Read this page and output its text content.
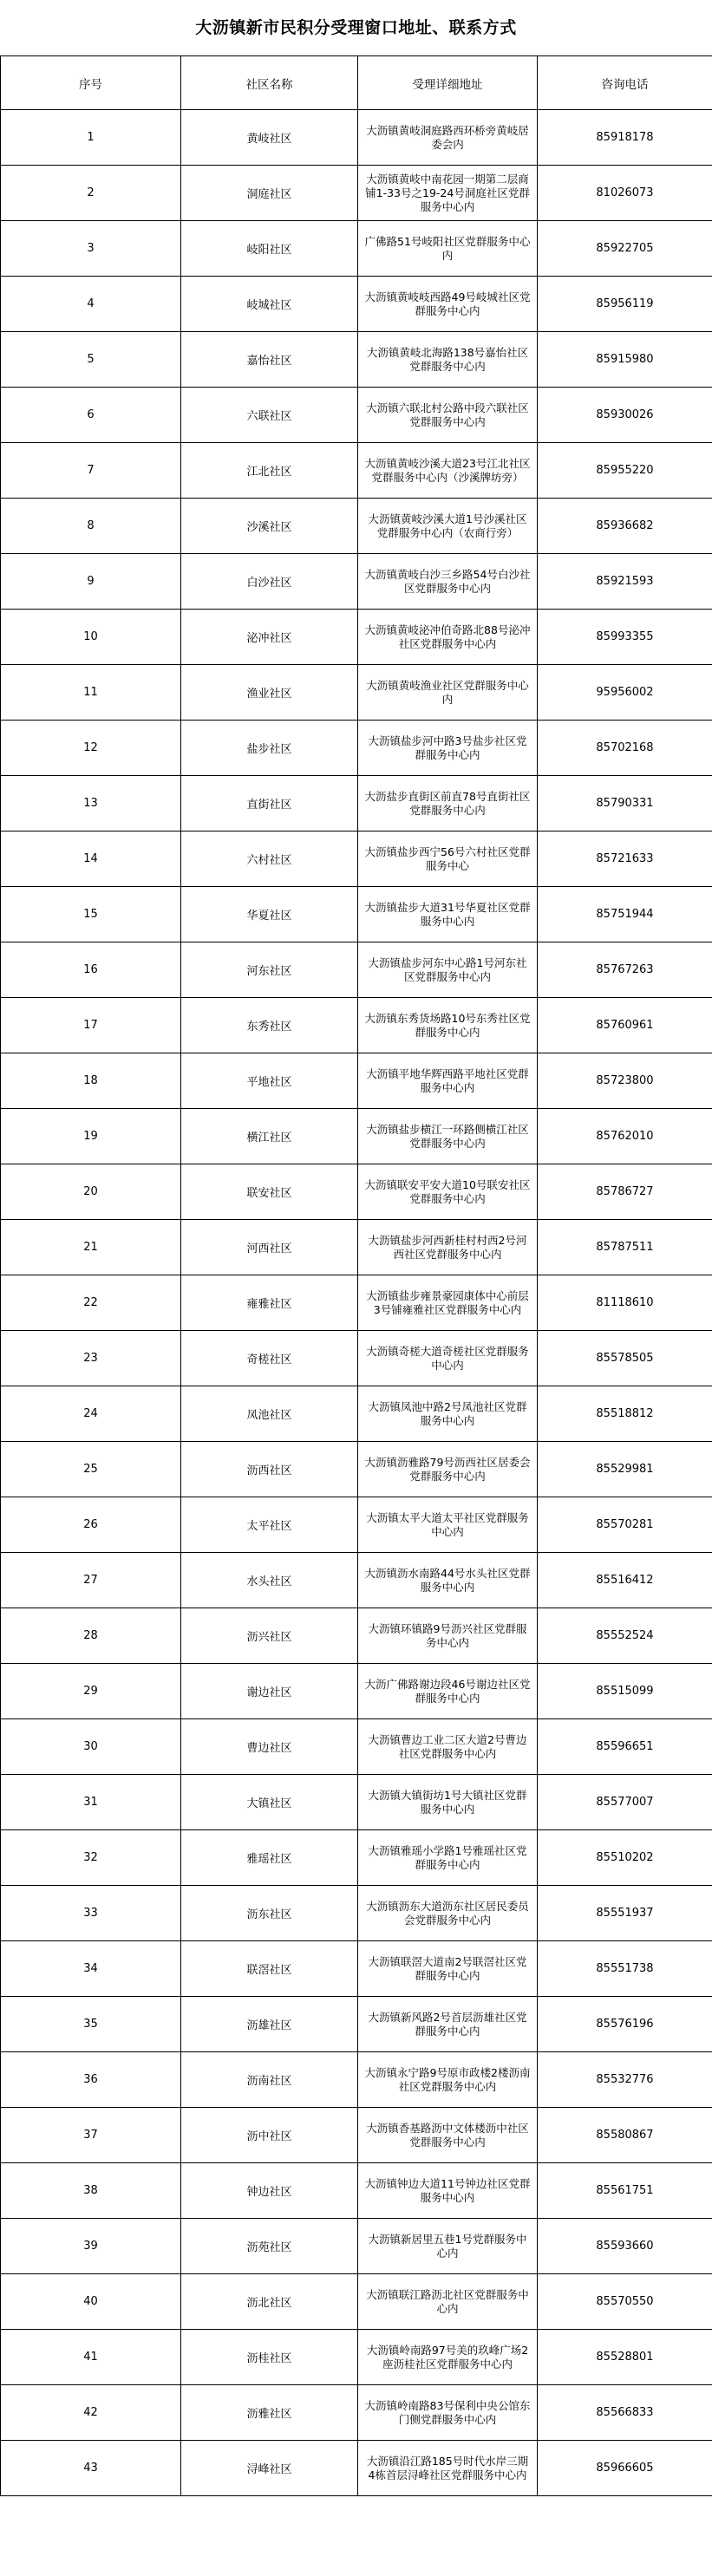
大沥镇新市民积分受理窗口地址、联系方式
序号	社区名称	受理详细地址	咨询电话
1	黄岐社区	大沥镇黄岐洞庭路西环桥旁黄岐居委会内	85918178
2	洞庭社区	大沥镇黄岐中南花园一期第二层商铺1-33号之19-24号洞庭社区党群服务中心内	81026073
3	岐阳社区	广佛路51号岐阳社区党群服务中心内	85922705
4	岐城社区	大沥镇黄岐岐西路49号岐城社区党群服务中心内	85956119
5	嘉怡社区	大沥镇黄岐北海路138号嘉怡社区党群服务中心内	85915980
6	六联社区	大沥镇六联北村公路中段六联社区党群服务中心内	85930026
7	江北社区	大沥镇黄岐沙溪大道23号江北社区党群服务中心内（沙溪牌坊旁）	85955220
8	沙溪社区	大沥镇黄岐沙溪大道1号沙溪社区党群服务中心内（农商行旁）	85936682
9	白沙社区	大沥镇黄岐白沙三乡路54号白沙社区党群服务中心内	85921593
10	泌冲社区	大沥镇黄岐泌冲伯奇路北88号泌冲社区党群服务中心内	85993355
11	渔业社区	大沥镇黄岐渔业社区党群服务中心内	95956002
12	盐步社区	大沥镇盐步河中路3号盐步社区党群服务中心内	85702168
13	直街社区	大沥盐步直街区前直78号直街社区党群服务中心内	85790331
14	六村社区	大沥镇盐步西宁56号六村社区党群服务中心	85721633
15	华夏社区	大沥镇盐步大道31号华夏社区党群服务中心内	85751944
16	河东社区	大沥镇盐步河东中心路1号河东社区党群服务中心内	85767263
17	东秀社区	大沥镇东秀货场路10号东秀社区党群服务中心内	85760961
18	平地社区	大沥镇平地华辉西路平地社区党群服务中心内	85723800
19	横江社区	大沥镇盐步横江一环路侧横江社区党群服务中心内	85762010
20	联安社区	大沥镇联安平安大道10号联安社区党群服务中心内	85786727
21	河西社区	大沥镇盐步河西新桂村村西2号河西社区党群服务中心内	85787511
22	雍雅社区	大沥镇盐步雍景豪园康体中心前层3号铺雍雅社区党群服务中心内	81118610
23	奇槎社区	大沥镇奇槎大道奇槎社区党群服务中心内	85578505
24	凤池社区	大沥镇凤池中路2号凤池社区党群服务中心内	85518812
25	沥西社区	大沥镇沥雅路79号沥西社区居委会党群服务中心内	85529981
26	太平社区	大沥镇太平大道太平社区党群服务中心内	85570281
27	水头社区	大沥镇沥水南路44号水头社区党群服务中心内	85516412
28	沥兴社区	大沥镇环镇路9号沥兴社区党群服务中心内	85552524
29	谢边社区	大沥广佛路谢边段46号谢边社区党群服务中心内	85515099
30	曹边社区	大沥镇曹边工业二区大道2号曹边社区党群服务中心内	85596651
31	大镇社区	大沥镇大镇街坊1号大镇社区党群服务中心内	85577007
32	雅瑶社区	大沥镇雅瑶小学路1号雅瑶社区党群服务中心内	85510202
33	沥东社区	大沥镇沥东大道沥东社区居民委员会党群服务中心内	85551937
34	联滘社区	大沥镇联滘大道南2号联滘社区党群服务中心内	85551738
35	沥雄社区	大沥镇新风路2号首层沥雄社区党群服务中心内	85576196
36	沥南社区	大沥镇永宁路9号原市政楼2楼沥南社区党群服务中心内	85532776
37	沥中社区	大沥镇香基路沥中文体楼沥中社区党群服务中心内	85580867
38	钟边社区	大沥镇钟边大道11号钟边社区党群服务中心内	85561751
39	沥苑社区	大沥镇新居里五巷1号党群服务中心内	85593660
40	沥北社区	大沥镇联江路沥北社区党群服务中心内	85570550
41	沥桂社区	大沥镇岭南路97号美的玖峰广场2座沥桂社区党群服务中心内	85528801
42	沥雅社区	大沥镇岭南路83号保利中央公馆东门侧党群服务中心内	85566833
43	浔峰社区	大沥镇沿江路185号时代水岸三期4栋首层浔峰社区党群服务中心内	85966605
